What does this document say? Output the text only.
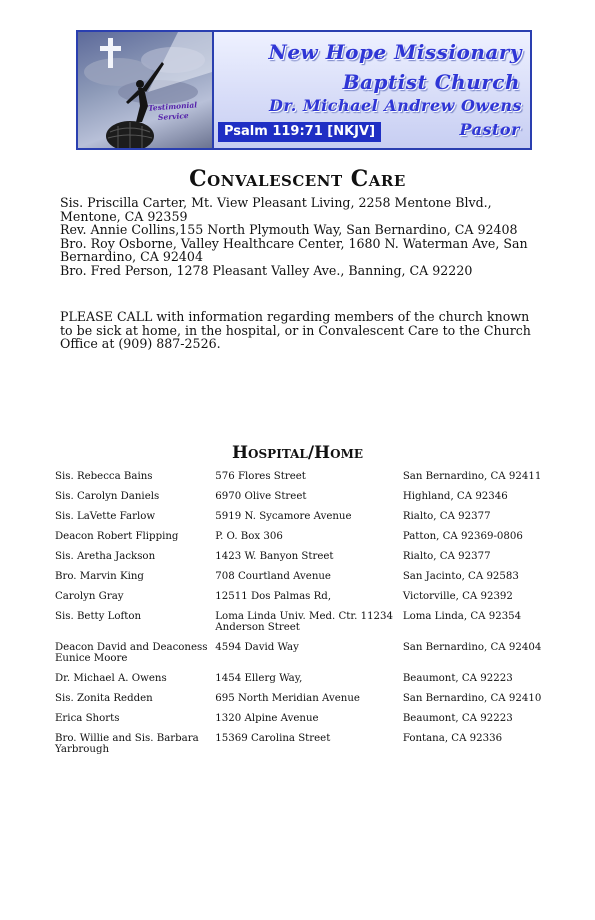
Testimonial
Service
New Hope Missionary
Baptist Church
Dr. Michael Andrew Owens
Pastor
Psalm 119:71 [NKJV]
Convalescent Care
Sis. Priscilla Carter, Mt. View Pleasant Living, 2258 Mentone Blvd., Mentone, CA 92359
Rev. Annie Collins,155 North Plymouth Way, San Bernardino, CA 92408
Bro. Roy Osborne, Valley Healthcare Center, 1680 N. Waterman Ave, San Bernardino, CA 92404
Bro. Fred Person, 1278 Pleasant Valley Ave., Banning, CA 92220

PLEASE CALL with information regarding members of the church known to be sick at home, in the hospital, or in Convalescent Care to the Church Office at (909) 887-2526.

Hospital/Home
Sis. Rebecca Bains	576 Flores Street	San Bernardino, CA 92411
Sis. Carolyn Daniels	6970 Olive Street	Highland, CA 92346
Sis. LaVette Farlow	5919 N. Sycamore Avenue	Rialto, CA 92377
Deacon Robert Flipping	P. O. Box 306	Patton, CA 92369-0806
Sis. Aretha Jackson	1423 W. Banyon Street	Rialto, CA 92377
Bro. Marvin King	708 Courtland Avenue	San Jacinto, CA 92583
Carolyn Gray	12511 Dos Palmas Rd,	Victorville, CA 92392
Sis. Betty Lofton	Loma Linda Univ. Med. Ctr. 11234 Anderson Street	Loma Linda, CA 92354
Deacon David and Deaconess Eunice Moore	4594 David Way	San Bernardino, CA 92404
Dr. Michael A. Owens	1454 Ellerg Way,	Beaumont, CA 92223
Sis. Zonita Redden	695 North Meridian Avenue	San Bernardino, CA 92410
Erica Shorts	1320 Alpine Avenue	Beaumont, CA 92223
Bro. Willie and Sis. Barbara Yarbrough	15369 Carolina Street	Fontana, CA 92336
